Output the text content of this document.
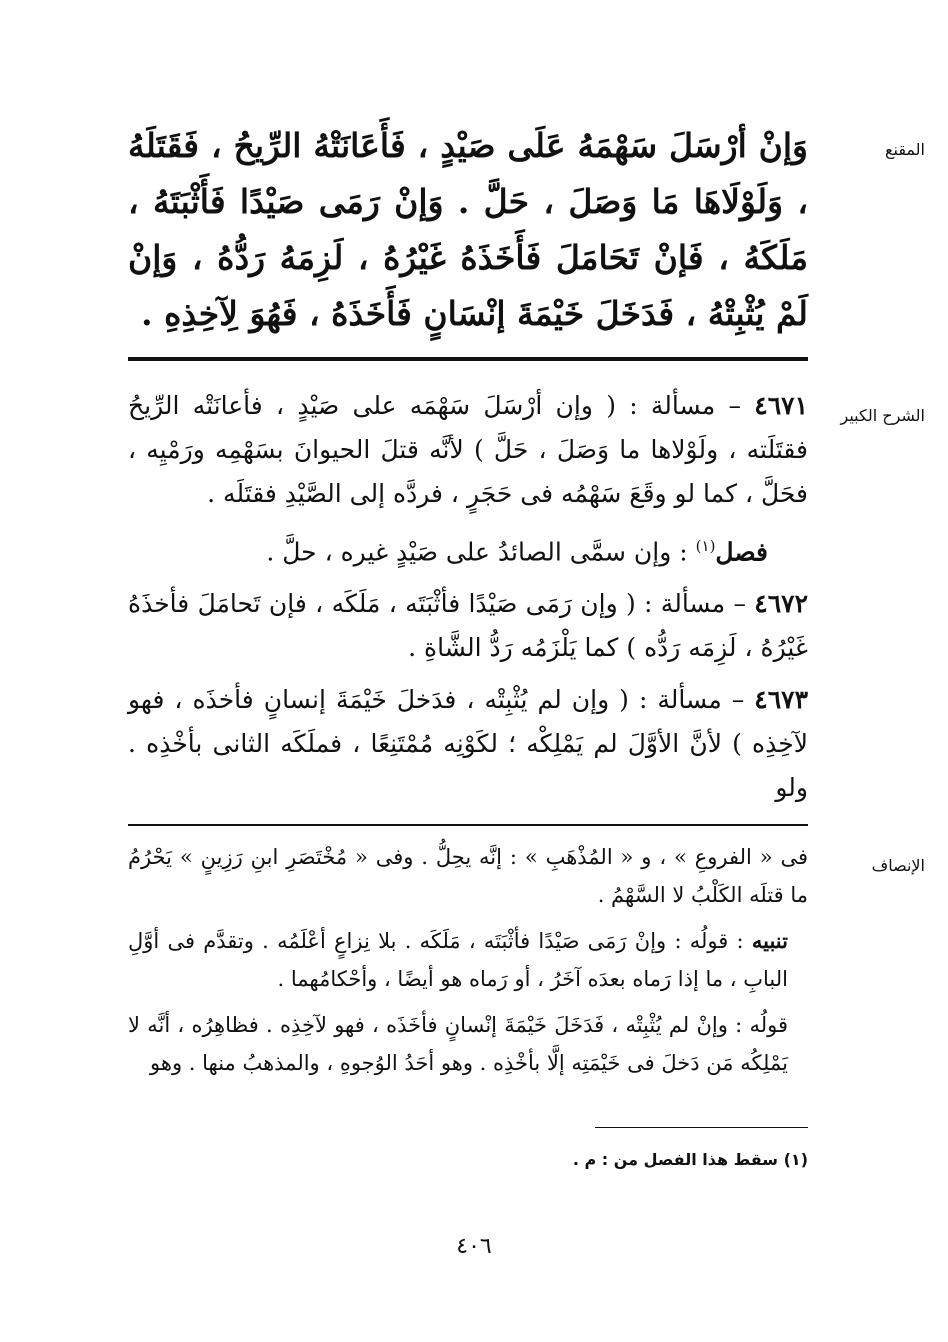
المقنع
الشرح الكبير
الإنصاف

وَإنْ أرْسَلَ سَهْمَهُ عَلَى صَيْدٍ ، فَأَعَانَتْهُ الرِّيحُ ، فَقَتَلَهُ ، وَلَوْلَاهَا مَا وَصَلَ ، حَلَّ . وَإنْ رَمَى صَيْدًا فَأَثْبَتَهُ ، مَلَكَهُ ، فَإنْ تَحَامَلَ فَأَخَذَهُ غَيْرُهُ ، لَزِمَهُ رَدُّهُ ، وَإنْ لَمْ يُثْبِتْهُ ، فَدَخَلَ خَيْمَةَ إنْسَانٍ فَأَخَذَهُ ، فَهُوَ لِآخِذِهِ .

٤٦٧١ – مسألة : ( وإن أرْسَلَ سَهْمَه على صَيْدٍ ، فأعانَتْه الرِّيحُ فقتَلَته ، ولَوْلاها ما وَصَلَ ، حَلَّ ) لأنَّه قتلَ الحيوانَ بسَهْمِه ورَمْيِه ، فحَلَّ ، كما لو وقَعَ سَهْمُه فى حَجَرٍ ، فردَّه إلى الصَّيْدِ فقتَلَه .

فصل$^{(١)}$ : وإن سمَّى الصائدُ على صَيْدٍ غيره ، حلَّ .

٤٦٧٢ – مسألة : ( وإن رَمَى صَيْدًا فأثْبَتَه ، مَلَكَه ، فإن تَحامَلَ فأخذَهُ غَيْرُهُ ، لَزِمَه رَدُّه ) كما يَلْزَمُه رَدُّ الشَّاةِ .

٤٦٧٣ – مسألة : ( وإن لم يُثْبِتْه ، فدَخلَ خَيْمَةَ إنسانٍ فأخذَه ، فهو لآخِذِه ) لأنَّ الأوَّلَ لم يَمْلِكْه ؛ لكَوْنِه مُمْتَنِعًا ، فملَكَه الثانى بأخْذِه . ولو

فى « الفروعِ » ، و « المُذْهَبِ » : إنَّه يحِلُّ . وفى « مُخْتَصَرِ ابنِ رَزِينٍ » يَحْرُمُ ما قتلَه الكَلْبُ لا السَّهْمُ .

تنبيه : قولُه : وإنْ رَمَى صَيْدًا فأثْبَتَه ، مَلَكَه . بلا نِزاعٍ أعْلَمُه . وتقدَّم فى أوَّلِ البابِ ، ما إذا رَماه بعدَه آخَرُ ، أو رَماه هو أيضًا ، وأحْكامُهما .

قولُه : وإنْ لم يُثْبِتْه ، فَدَخَلَ خَيْمَةَ إنْسانٍ فأخَذَه ، فهو لآخِذِه . فظاهِرُه ، أنَّه لا يَمْلِكُه مَن دَخلَ فى خَيْمَتِه إلَّا بأخْذِه . وهو أحَدُ الوُجوهِ ، والمذهبُ منها . وهو

(١) سقط هذا الفصل من : م .
٤٠٦
